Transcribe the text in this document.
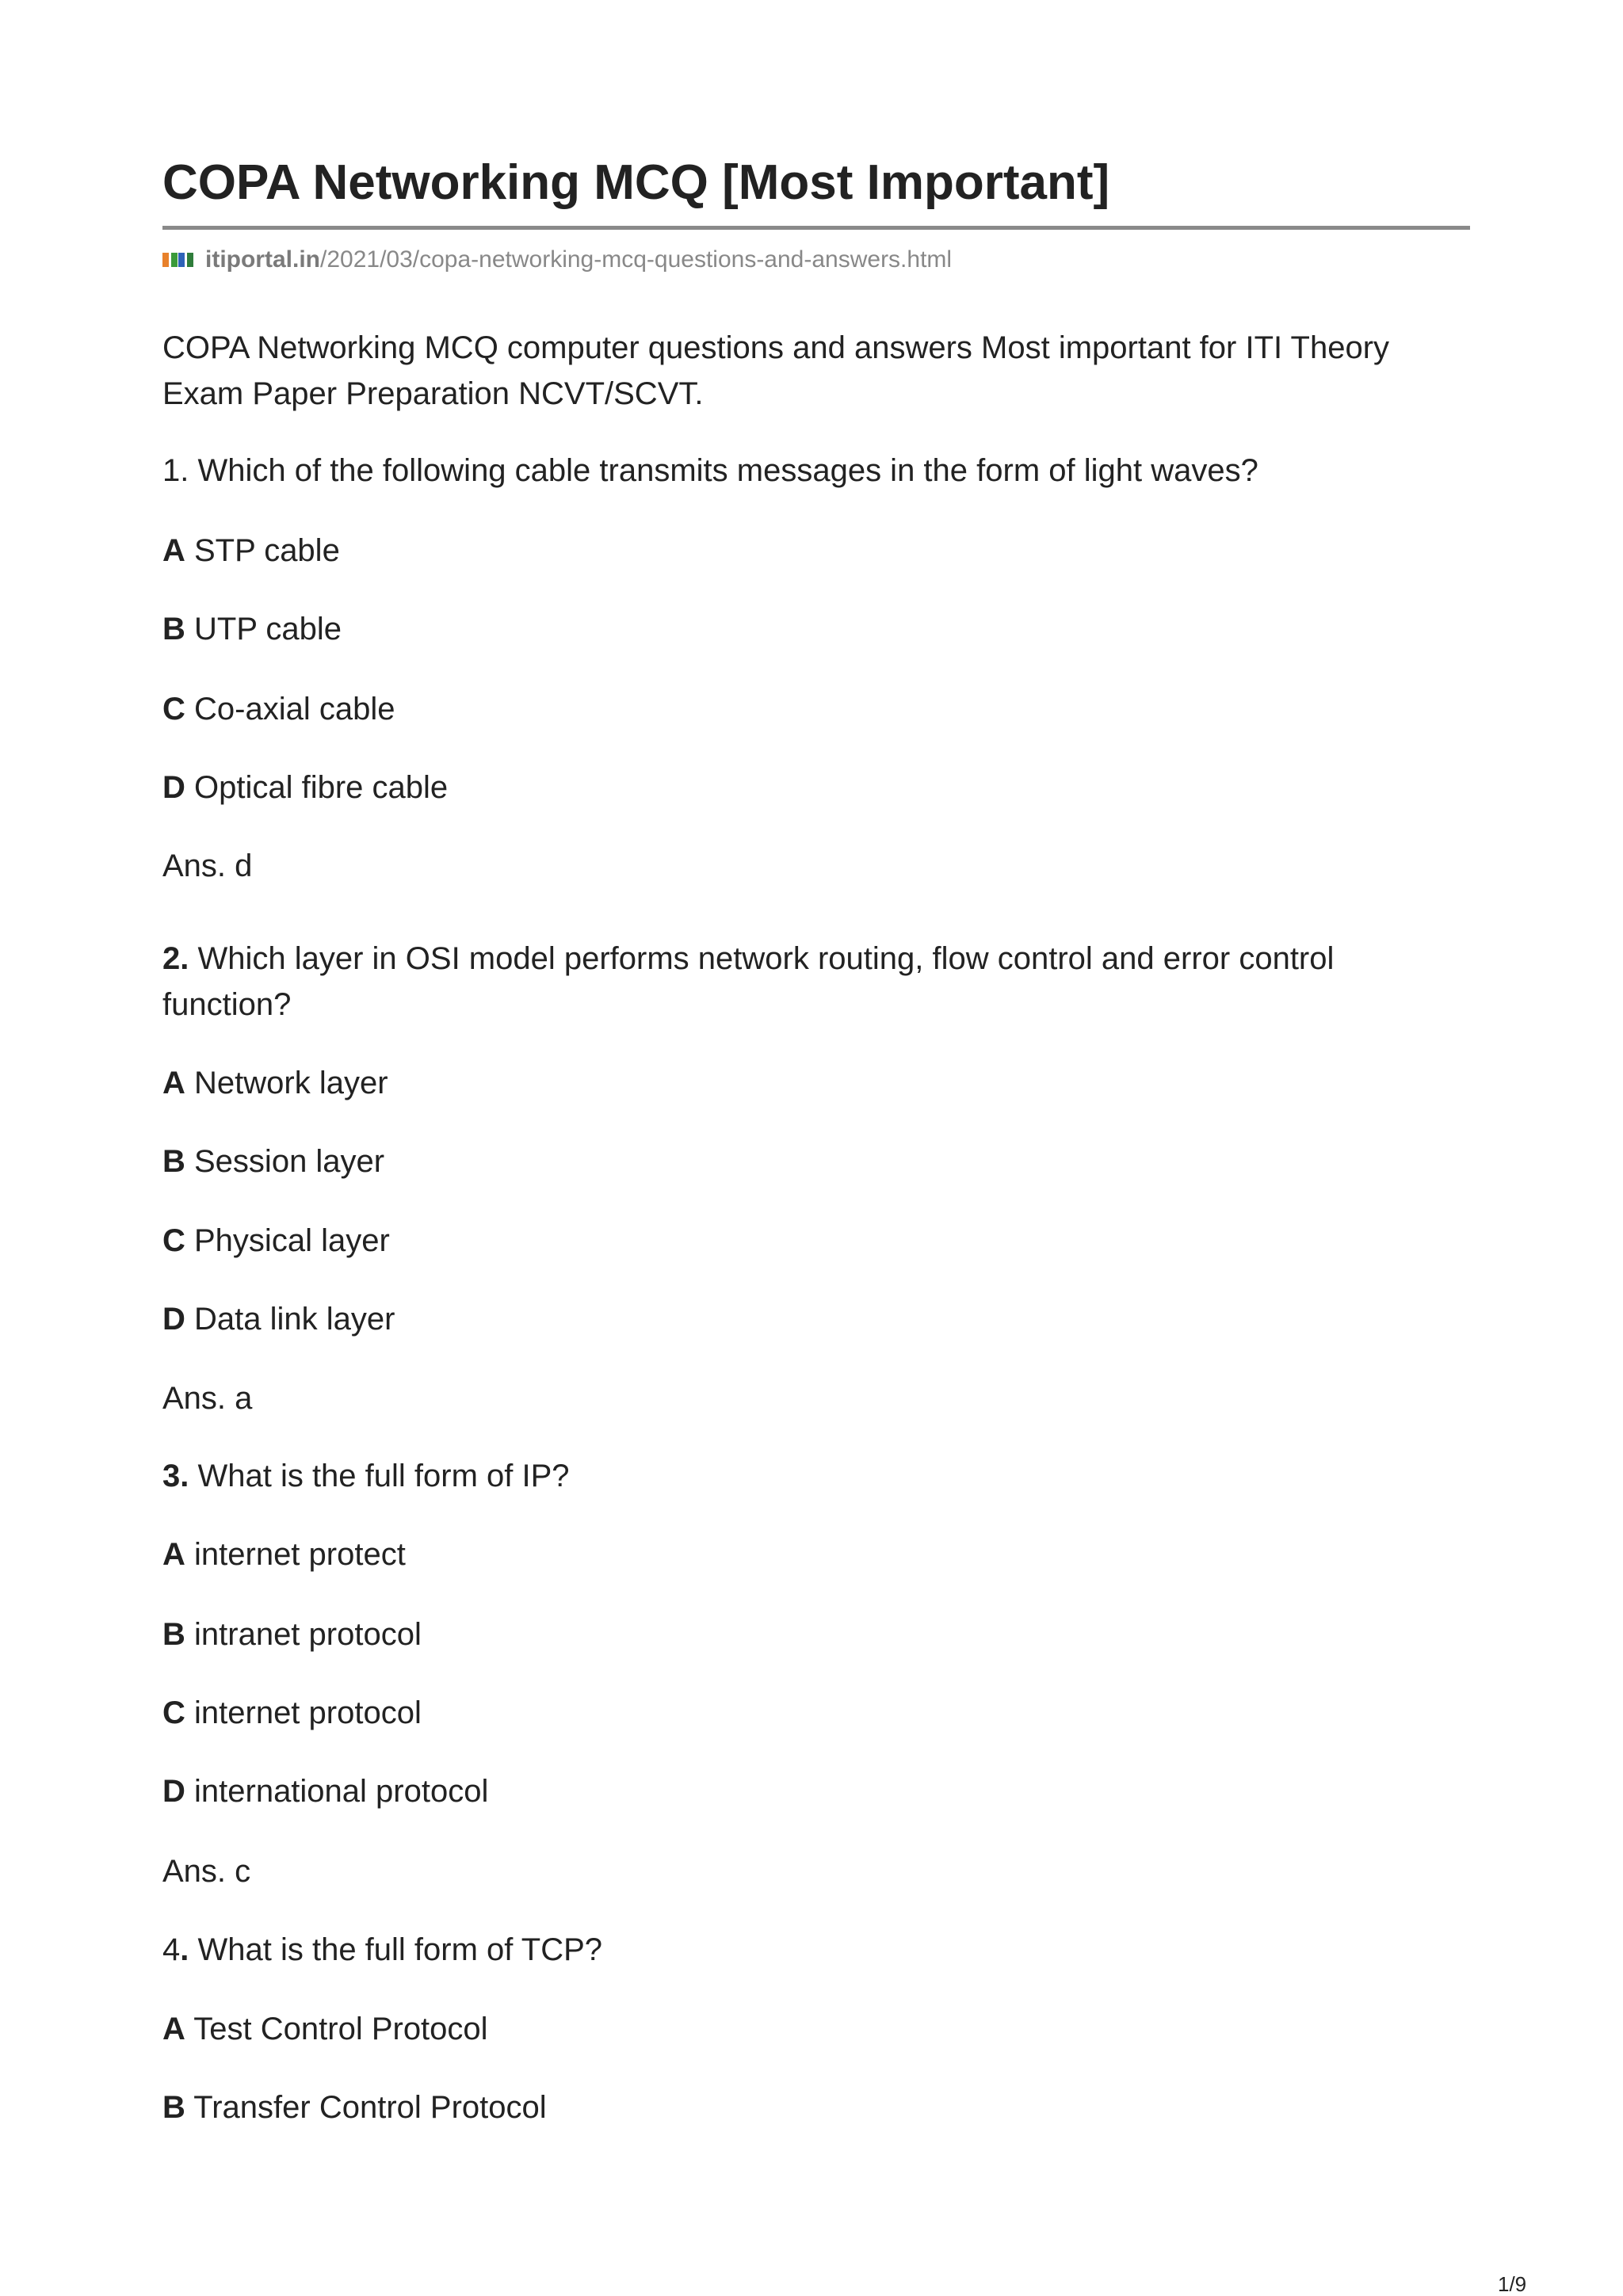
COPA Networking MCQ [Most Important]
itiportal.in /2021/03/copa-networking-mcq-questions-and-answers.html

COPA Networking MCQ computer questions and answers Most important for ITI Theory Exam Paper Preparation NCVT/SCVT.

1. Which of the following cable transmits messages in the form of light waves?

A STP cable

B UTP cable

C Co-axial cable

D Optical fibre cable

Ans. d

2. Which layer in OSI model performs network routing, flow control and error control function?

A Network layer

B Session layer

C Physical layer

D Data link layer

Ans. a

3. What is the full form of IP?

A internet protect

B intranet protocol

C internet protocol

D international protocol

Ans. c

4. What is the full form of TCP?

A Test Control Protocol

B Transfer Control Protocol

1/9
